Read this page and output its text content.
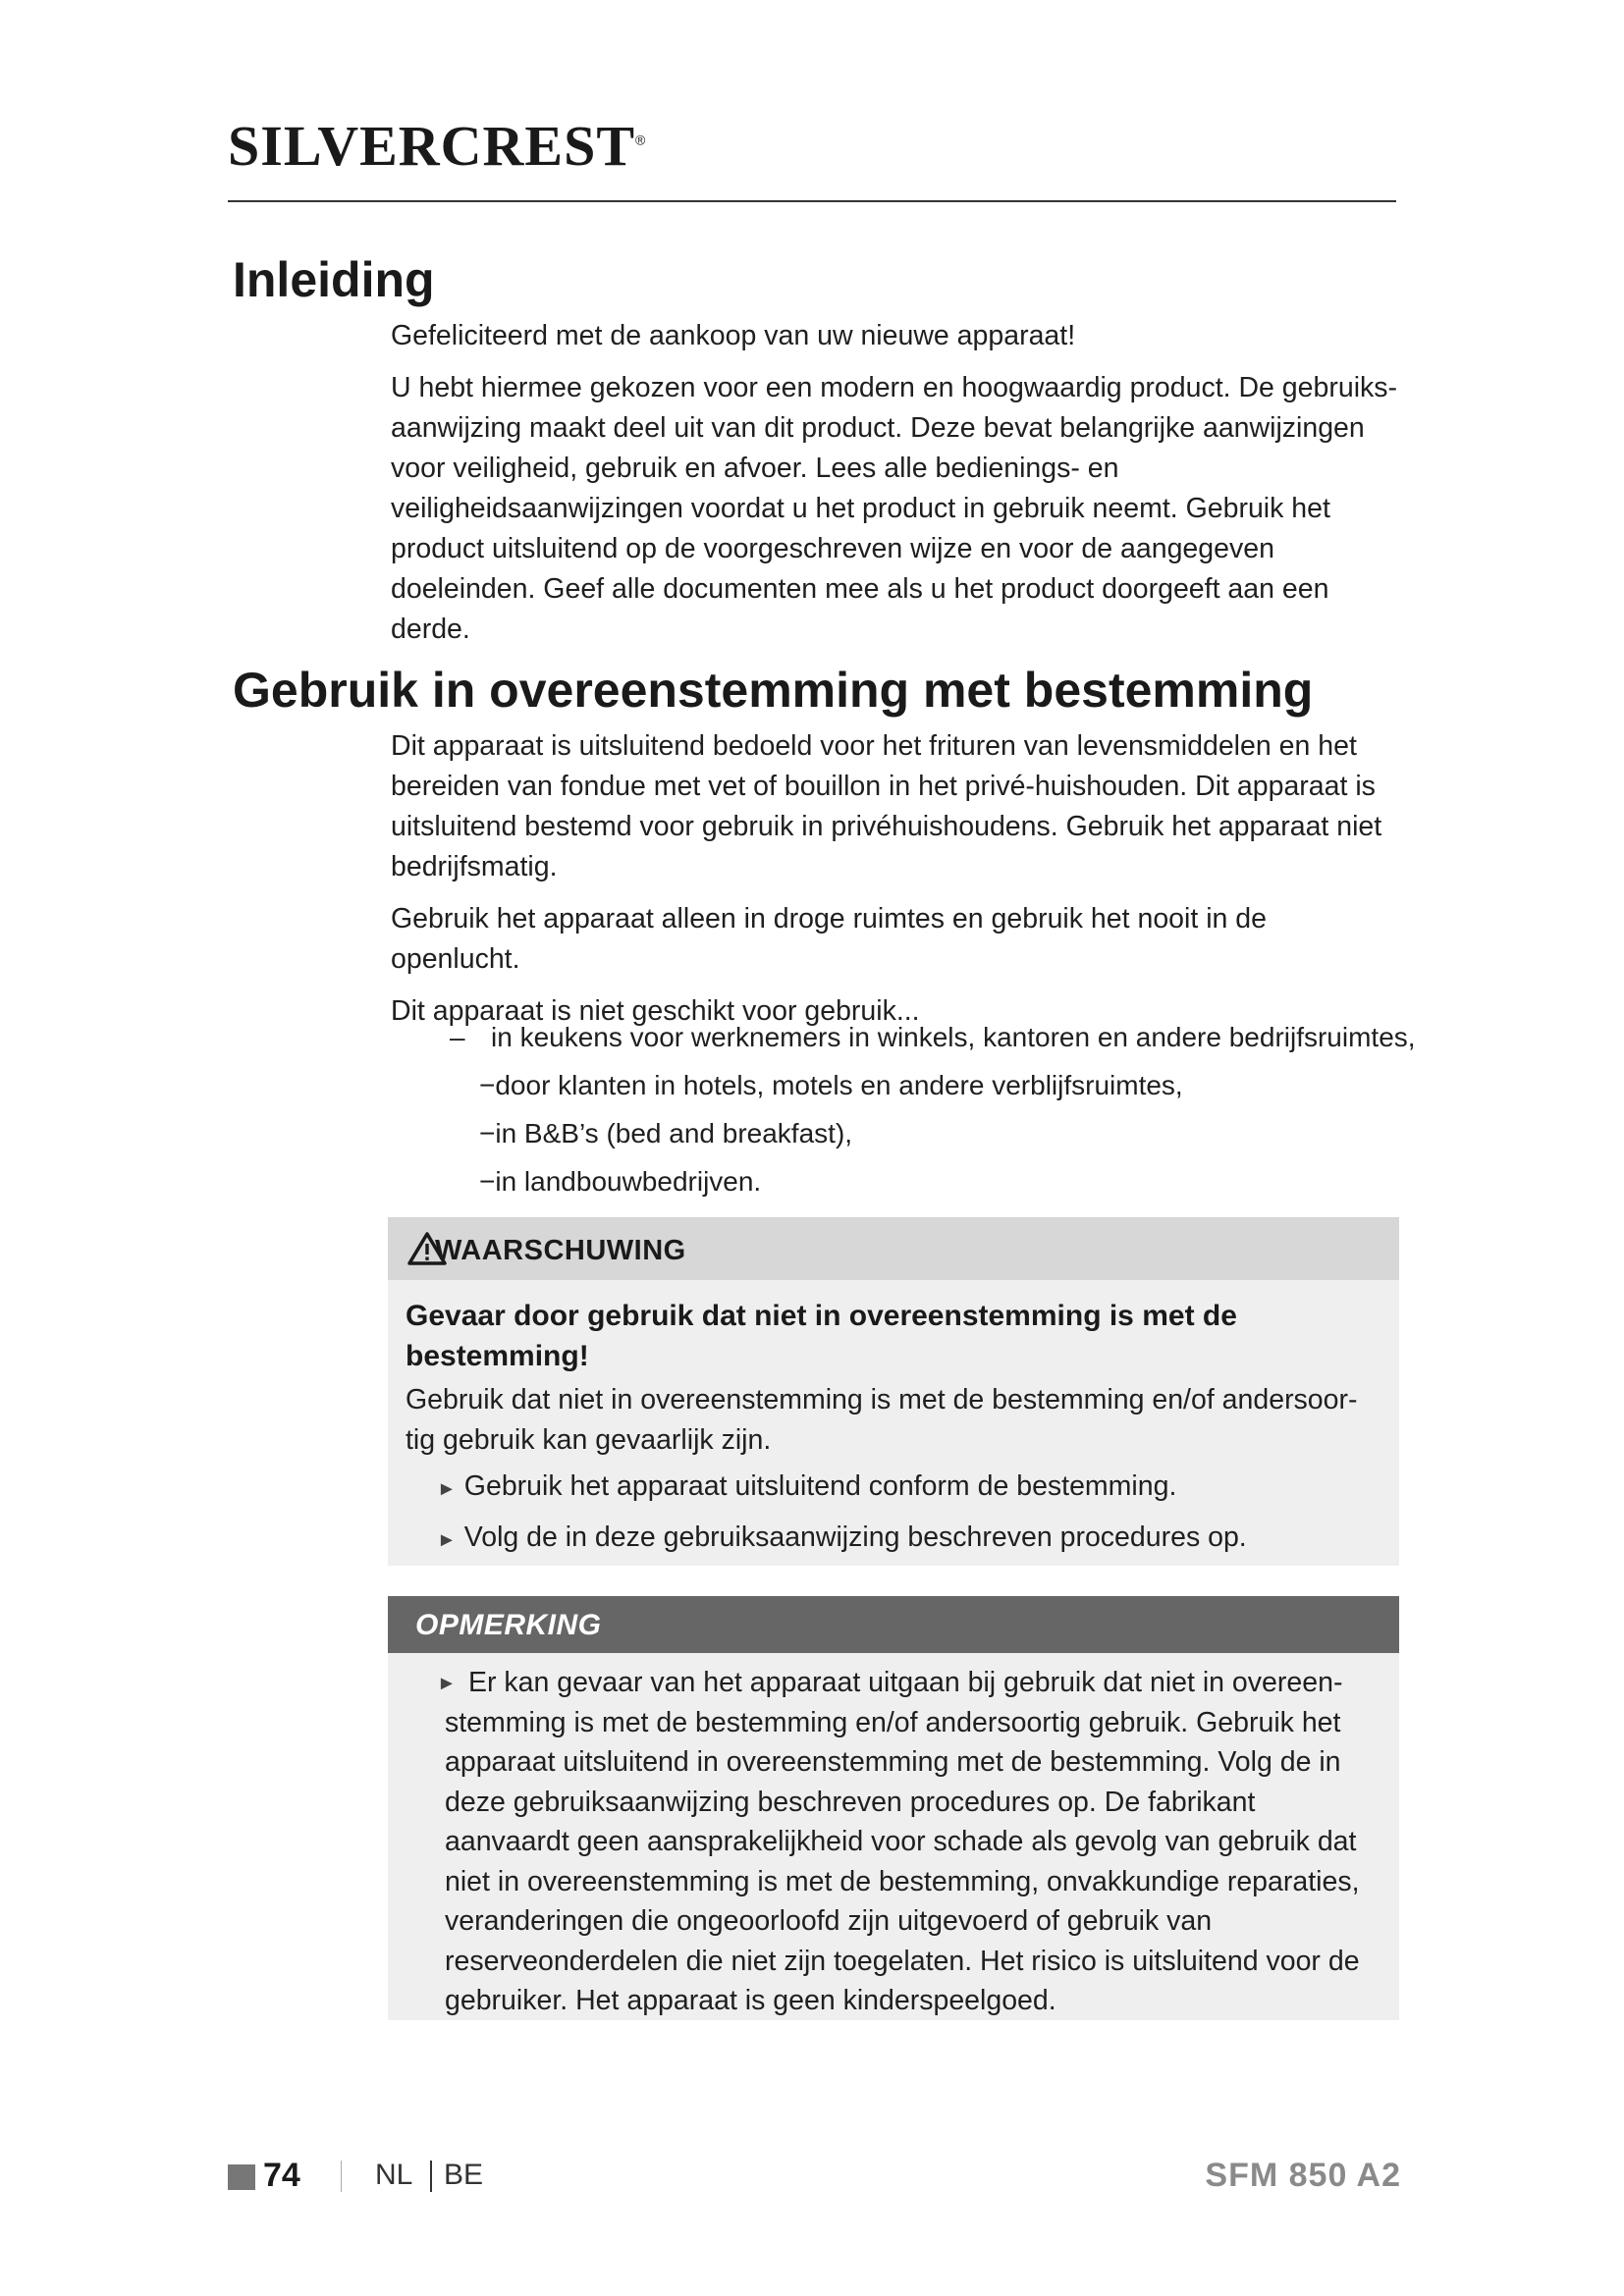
SILVERCREST®
Inleiding

Gefeliciteerd met de aankoop van uw nieuwe apparaat!

U hebt hiermee gekozen voor een modern en hoogwaardig product. De gebruiksaanwijzing maakt deel uit van dit product. Deze bevat belangrijke aanwijzingen voor veiligheid, gebruik en afvoer. Lees alle bedienings- en veiligheidsaanwijzingen voordat u het product in gebruik neemt. Gebruik het product uitsluitend op de voorgeschreven wijze en voor de aangegeven doeleinden. Geef alle documenten mee als u het product doorgeeft aan een derde.

Gebruik in overeenstemming met bestemming

Dit apparaat is uitsluitend bedoeld voor het frituren van levensmiddelen en het bereiden van fondue met vet of bouillon in het privé-huishouden. Dit apparaat is uitsluitend bestemd voor gebruik in privéhuishoudens. Gebruik het apparaat niet bedrijfsmatig.

Gebruik het apparaat alleen in droge ruimtes en gebruik het nooit in de openlucht.

Dit apparaat is niet geschikt voor gebruik...

– in keukens voor werknemers in winkels, kantoren en andere bedrijfsruimtes,
−door klanten in hotels, motels en andere verblijfsruimtes,
−in B&B’s (bed and breakfast),
−in landbouwbedrijven.
WAARSCHUWING
Gevaar door gebruik dat niet in overeenstemming is met de bestemming!
Gebruik dat niet in overeenstemming is met de bestemming en/of andersoortig gebruik kan gevaarlijk zijn.
► Gebruik het apparaat uitsluitend conform de bestemming.
► Volg de in deze gebruiksaanwijzing beschreven procedures op.
OPMERKING
► Er kan gevaar van het apparaat uitgaan bij gebruik dat niet in overeenstemming is met de bestemming en/of andersoortig gebruik. Gebruik het apparaat uitsluitend in overeenstemming met de bestemming. Volg de in deze gebruiksaanwijzing beschreven procedures op. De fabrikant aanvaardt geen aansprakelijkheid voor schade als gevolg van gebruik dat niet in overeenstemming is met de bestemming, onvakkundige reparaties, veranderingen die ongeoorloofd zijn uitgevoerd of gebruik van reserveonderdelen die niet zijn toegelaten. Het risico is uitsluitend voor de gebruiker. Het apparaat is geen kinderspeelgoed.
74	NL BE	SFM 850 A2
